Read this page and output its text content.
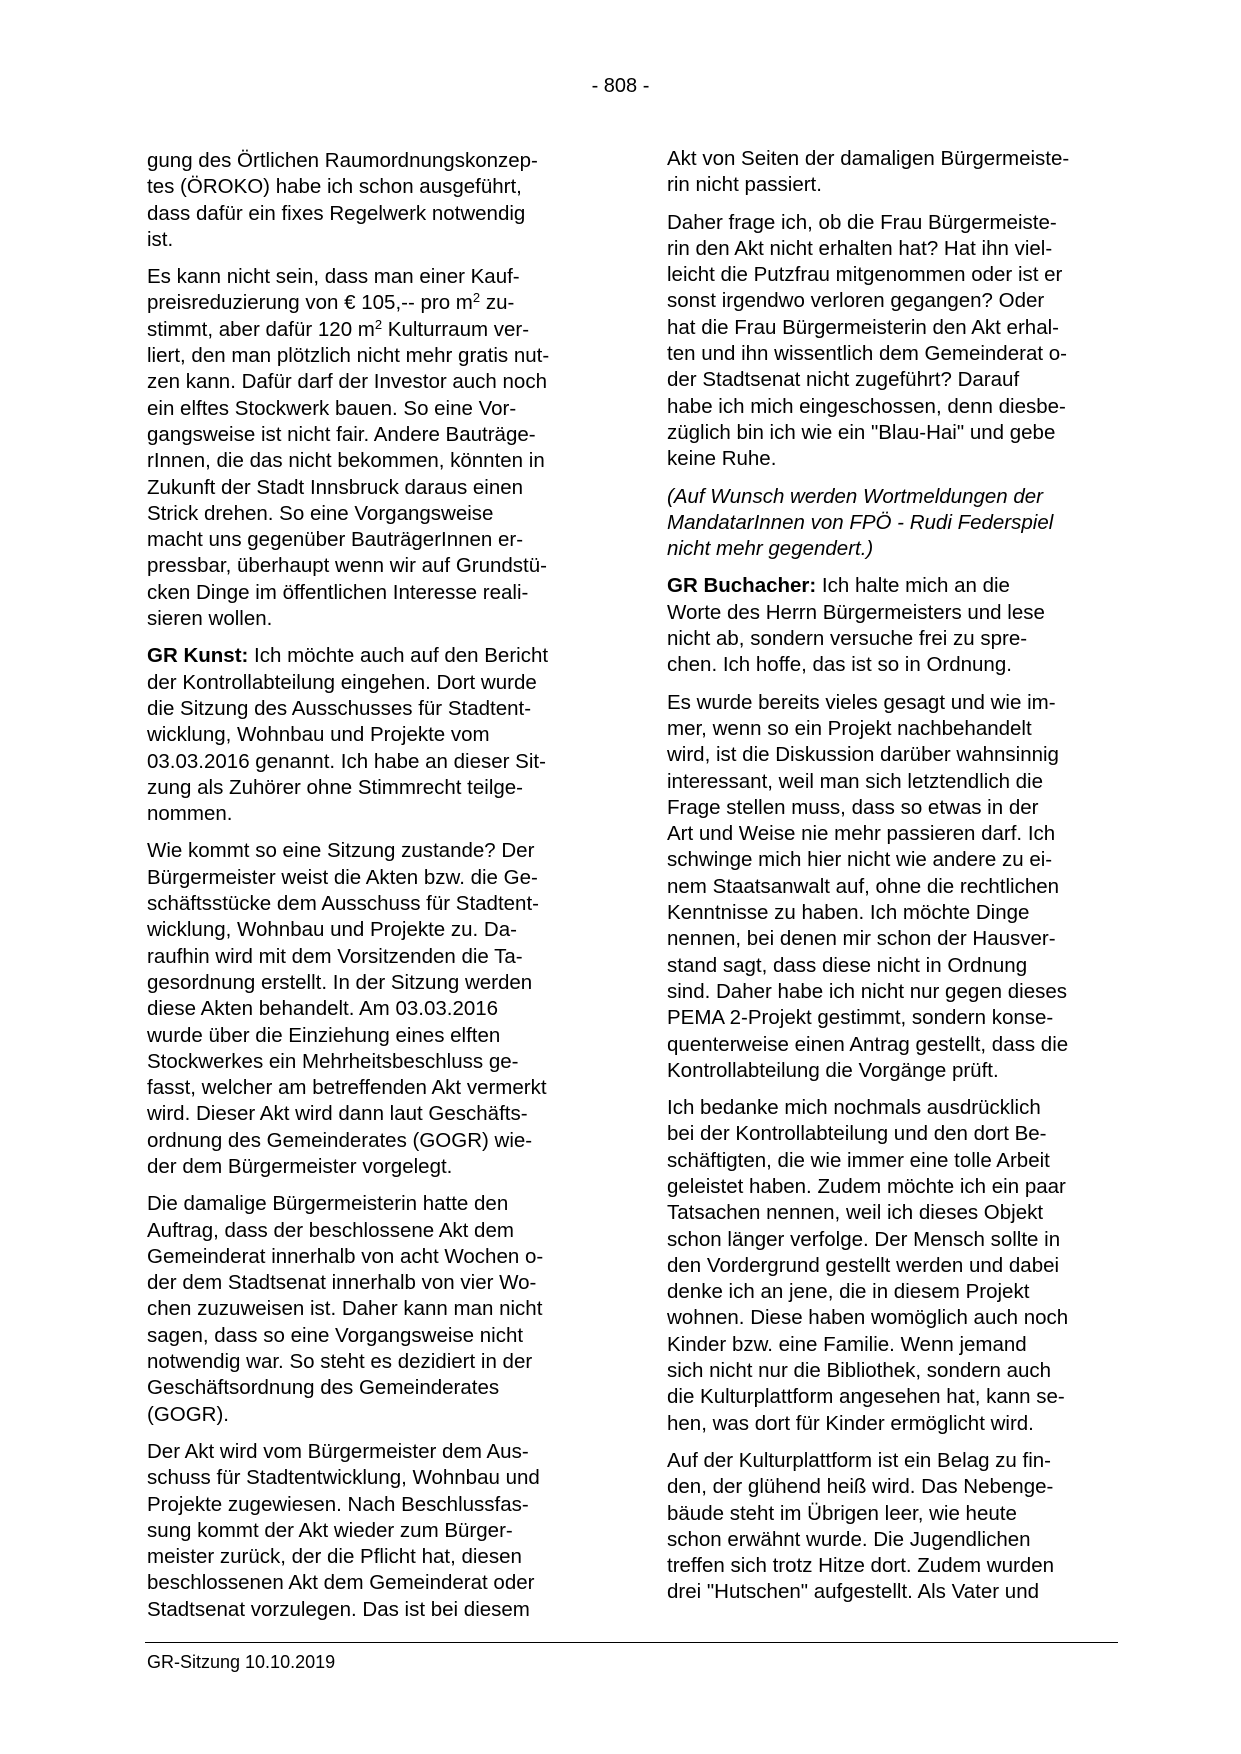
- 808 -

gung des Örtlichen Raumordnungskonzep-
tes (ÖROKO) habe ich schon ausgeführt,
dass dafür ein fixes Regelwerk notwendig
ist.

Es kann nicht sein, dass man einer Kauf-
preisreduzierung von € 105,-- pro $m^2$ zu-
stimmt, aber dafür 120 $m^2$ Kulturraum ver-
liert, den man plötzlich nicht mehr gratis nut-
zen kann. Dafür darf der Investor auch noch
ein elftes Stockwerk bauen. So eine Vor-
gangsweise ist nicht fair. Andere Bauträge-
rInnen, die das nicht bekommen, könnten in
Zukunft der Stadt Innsbruck daraus einen
Strick drehen. So eine Vorgangsweise
macht uns gegenüber BauträgerInnen er-
pressbar, überhaupt wenn wir auf Grundstü-
cken Dinge im öffentlichen Interesse reali-
sieren wollen.

GR Kunst: Ich möchte auch auf den Bericht
der Kontrollabteilung eingehen. Dort wurde
die Sitzung des Ausschusses für Stadtent-
wicklung, Wohnbau und Projekte vom
03.03.2016 genannt. Ich habe an dieser Sit-
zung als Zuhörer ohne Stimmrecht teilge-
nommen.

Wie kommt so eine Sitzung zustande? Der
Bürgermeister weist die Akten bzw. die Ge-
schäftsstücke dem Ausschuss für Stadtent-
wicklung, Wohnbau und Projekte zu. Da-
raufhin wird mit dem Vorsitzenden die Ta-
gesordnung erstellt. In der Sitzung werden
diese Akten behandelt. Am 03.03.2016
wurde über die Einziehung eines elften
Stockwerkes ein Mehrheitsbeschluss ge-
fasst, welcher am betreffenden Akt vermerkt
wird. Dieser Akt wird dann laut Geschäfts-
ordnung des Gemeinderates (GOGR) wie-
der dem Bürgermeister vorgelegt.

Die damalige Bürgermeisterin hatte den
Auftrag, dass der beschlossene Akt dem
Gemeinderat innerhalb von acht Wochen o-
der dem Stadtsenat innerhalb von vier Wo-
chen zuzuweisen ist. Daher kann man nicht
sagen, dass so eine Vorgangsweise nicht
notwendig war. So steht es dezidiert in der
Geschäftsordnung des Gemeinderates
(GOGR).

Der Akt wird vom Bürgermeister dem Aus-
schuss für Stadtentwicklung, Wohnbau und
Projekte zugewiesen. Nach Beschlussfas-
sung kommt der Akt wieder zum Bürger-
meister zurück, der die Pflicht hat, diesen
beschlossenen Akt dem Gemeinderat oder
Stadtsenat vorzulegen. Das ist bei diesem

Akt von Seiten der damaligen Bürgermeiste-
rin nicht passiert.

Daher frage ich, ob die Frau Bürgermeiste-
rin den Akt nicht erhalten hat? Hat ihn viel-
leicht die Putzfrau mitgenommen oder ist er
sonst irgendwo verloren gegangen? Oder
hat die Frau Bürgermeisterin den Akt erhal-
ten und ihn wissentlich dem Gemeinderat o-
der Stadtsenat nicht zugeführt? Darauf
habe ich mich eingeschossen, denn diesbe-
züglich bin ich wie ein "Blau-Hai" und gebe
keine Ruhe.

(Auf Wunsch werden Wortmeldungen der
MandatarInnen von FPÖ - Rudi Federspiel
nicht mehr gegendert.)

GR Buchacher: Ich halte mich an die
Worte des Herrn Bürgermeisters und lese
nicht ab, sondern versuche frei zu spre-
chen. Ich hoffe, das ist so in Ordnung.

Es wurde bereits vieles gesagt und wie im-
mer, wenn so ein Projekt nachbehandelt
wird, ist die Diskussion darüber wahnsinnig
interessant, weil man sich letztendlich die
Frage stellen muss, dass so etwas in der
Art und Weise nie mehr passieren darf. Ich
schwinge mich hier nicht wie andere zu ei-
nem Staatsanwalt auf, ohne die rechtlichen
Kenntnisse zu haben. Ich möchte Dinge
nennen, bei denen mir schon der Hausver-
stand sagt, dass diese nicht in Ordnung
sind. Daher habe ich nicht nur gegen dieses
PEMA 2-Projekt gestimmt, sondern konse-
quenterweise einen Antrag gestellt, dass die
Kontrollabteilung die Vorgänge prüft.

Ich bedanke mich nochmals ausdrücklich
bei der Kontrollabteilung und den dort Be-
schäftigten, die wie immer eine tolle Arbeit
geleistet haben. Zudem möchte ich ein paar
Tatsachen nennen, weil ich dieses Objekt
schon länger verfolge. Der Mensch sollte in
den Vordergrund gestellt werden und dabei
denke ich an jene, die in diesem Projekt
wohnen. Diese haben womöglich auch noch
Kinder bzw. eine Familie. Wenn jemand
sich nicht nur die Bibliothek, sondern auch
die Kulturplattform angesehen hat, kann se-
hen, was dort für Kinder ermöglicht wird.

Auf der Kulturplattform ist ein Belag zu fin-
den, der glühend heiß wird. Das Nebenge-
bäude steht im Übrigen leer, wie heute
schon erwähnt wurde. Die Jugendlichen
treffen sich trotz Hitze dort. Zudem wurden
drei "Hutschen" aufgestellt. Als Vater und

GR-Sitzung 10.10.2019
